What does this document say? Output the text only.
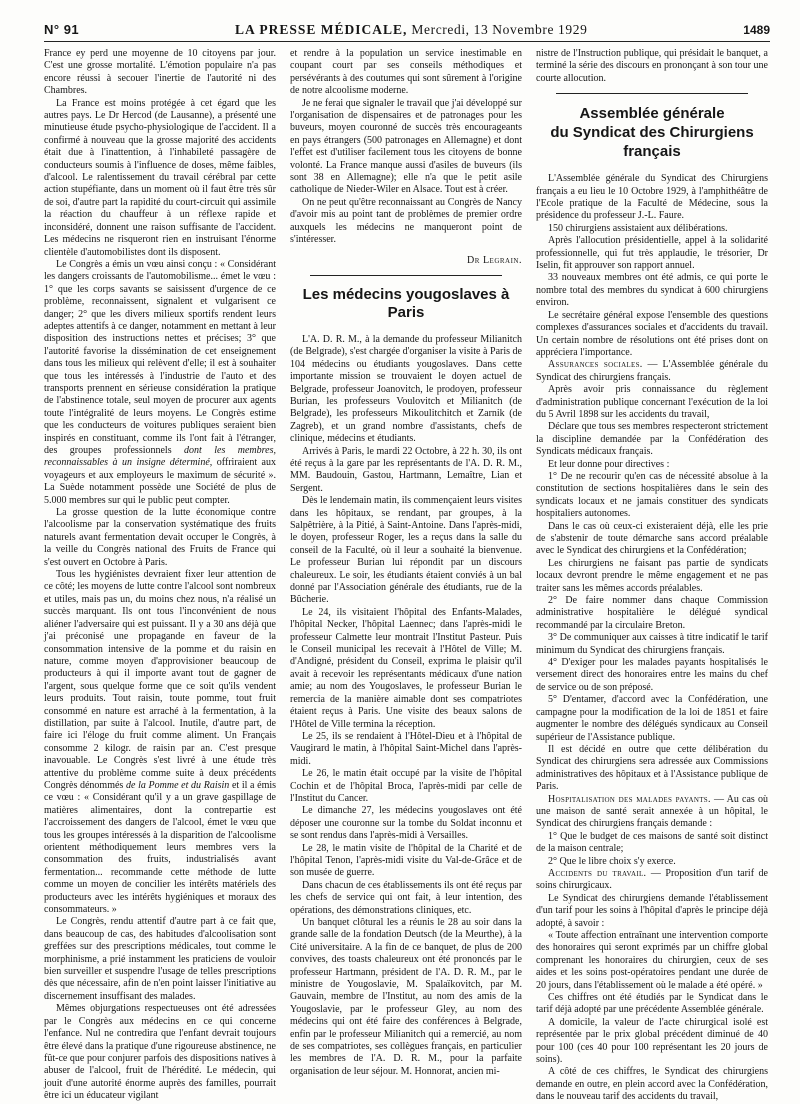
N° 91	LA PRESSE MÉDICALE, Mercredi, 13 Novembre 1929	1489

France ey perd une moyenne de 10 citoyens par jour. C'est une grosse mortalité. L'émotion populaire n'a pas encore réussi à secouer l'inertie de l'autorité ni des Chambres.

La France est moins protégée à cet égard que les autres pays. Le Dr Hercod (de Lausanne), a présenté une minutieuse étude psycho-physiologique de l'accident. Il a confirmé à nouveau que la grosse majorité des accidents était due à l'inattention, à l'inhabileté passagère de conducteurs soumis à l'influence de doses, même faibles, d'alcool. Le ralentissement du travail cérébral par cette action stupéfiante, dans un moment où il faut être très sûr de soi, d'autre part la rapidité du court-circuit qui assimile la réaction du chauffeur à un réflexe rapide et inconsidéré, donnent une raison suffisante de l'accident. Les médecins ne risqueront rien en instruisant l'énorme clientèle d'automobilistes dont ils disposent.

Le Congrès a émis un vœu ainsi conçu : « Considérant les dangers croissants de l'automobilisme... émet le vœu : 1° que les corps savants se saisissent d'urgence de ce problème, reconnaissent, signalent et vulgarisent ce danger; 2° que les divers milieux sportifs rendent leurs adeptes attentifs à ce danger, notamment en mettant à leur disposition des instructions nettes et précises; 3° que l'autorité favorise la dissémination de cet enseignement dans tous les milieux qui relèvent d'elle; il est à souhaiter que tous les intéressés à l'industrie de l'auto et des transports prennent en sérieuse considération la pratique de l'abstinence totale, seul moyen de procurer aux agents toute l'intégralité de leurs moyens. Le Congrès estime que les conducteurs de voitures publiques seraient bien inspirés en constituant, comme ils l'ont fait à l'étranger, des groupes professionnels dont les membres, reconnaissables à un insigne déterminé, offriraient aux voyageurs et aux employeurs le maximum de sécurité ». La Suède notamment possède une Société de plus de 5.000 membres sur qui le public peut compter.

La grosse question de la lutte économique contre l'alcoolisme par la conservation systématique des fruits naturels avant fermentation devait occuper le Congrès, à la veille du Congrès national des Fruits de France qui s'est ouvert en Octobre à Paris.

Tous les hygiénistes devraient fixer leur attention de ce côté; les moyens de lutte contre l'alcool sont nombreux et utiles, mais pas un, du moins chez nous, n'a réalisé un succès marquant. Ils ont tous l'inconvénient de nous aliéner l'adversaire qui est puissant. Il y a 30 ans déjà que j'ai préconisé une propagande en faveur de la consommation intensive de la pomme et du raisin en nature, comme moyen d'approvisioner beaucoup de producteurs à qui il importe avant tout de gagner de l'argent, sous quelque forme que ce soit qu'ils vendent leurs produits. Tout raisin, toute pomme, tout fruit consommé en nature est arraché à la fermentation, à la distillation, par suite à l'alcool. Inutile, d'autre part, de faire ici l'éloge du fruit comme aliment. Un Français consomme 2 kilogr. de raisin par an. C'est presque inavouable. Le Congrès s'est livré à une étude très attentive du problème comme suite à deux précédents Congrès dénommés de la Pomme et du Raisin et il a émis ce vœu : « Considérant qu'il y a un grave gaspillage de matières alimentaires, dont la contrepartie est l'accroissement des dangers de l'alcool, émet le vœu que tous les groupes intéressés à la disparition de l'alcoolisme orientent méthodiquement leurs membres vers la consommation des fruits, industrialisés avant fermentation... recommande cette méthode de lutte comme un moyen de concilier les intérêts matériels des producteurs avec les intérêts hygiéniques et moraux des consommateurs. »

Le Congrès, rendu attentif d'autre part à ce fait que, dans beaucoup de cas, des habitudes d'alcoolisation sont greffées sur des prescriptions médicales, tout comme le morphinisme, a prié instamment les praticiens de vouloir bien surveiller et suspendre l'usage de telles prescriptions dès que nécessaire, afin de n'en point laisser l'initiative au discernement insuffisant des malades.

Mêmes objurgations respectueuses ont été adressées par le Congrès aux médecins en ce qui concerne l'enfance. Nul ne contredira que l'enfant devrait toujours être élevé dans la pratique d'une rigoureuse abstinence, ne fût-ce que pour conjurer parfois des dispositions natives à abuser de l'alcool, fruit de l'hérédité. Le médecin, qui jouit d'une autorité énorme auprès des familles, pourrait être ici un éducateur vigilant

et rendre à la population un service inestimable en coupant court par ses conseils méthodiques et persévérants à des coutumes qui sont sûrement à l'origine de notre alcoolisme moderne.

Je ne ferai que signaler le travail que j'ai développé sur l'organisation de dispensaires et de patronages pour les buveurs, moyen couronné de succès très encourageants en pays étrangers (500 patronages en Allemagne) et dont l'effet est d'utiliser facilement tous les citoyens de bonne volonté. La France manque aussi d'asiles de buveurs (ils sont 38 en Allemagne); elle n'a que le petit asile catholique de Nieder-Wiler en Alsace. Tout est à créer.

On ne peut qu'être reconnaissant au Congrès de Nancy d'avoir mis au point tant de problèmes de premier ordre auxquels les médecins ne manqueront point de s'intéresser.

Dr Legrain.

Les médecins yougoslaves à Paris

L'A. D. R. M., à la demande du professeur Milianitch (de Belgrade), s'est chargée d'organiser la visite à Paris de 104 médecins ou étudiants yougoslaves. Dans cette importante mission se trouvaient le doyen actuel de Belgrade, professeur Joanovitch, le prodoyen, professeur Burian, les professeurs Voulovitch et Milianitch (de Belgrade), les professeurs Mikoulitchitch et Zarnik (de Zagreb), et un grand nombre d'assistants, chefs de clinique, médecins et étudiants.

Arrivés à Paris, le mardi 22 Octobre, à 22 h. 30, ils ont été reçus à la gare par les représentants de l'A. D. R. M., MM. Baudouin, Gastou, Hartmann, Lemaître, Lian et Sergent.

Dès le lendemain matin, ils commençaient leurs visites dans les hôpitaux, se rendant, par groupes, à la Salpêtrière, à la Pitié, à Saint-Antoine. Dans l'après-midi, le doyen, professeur Roger, les a reçus dans la salle du conseil de la Faculté, où il leur a souhaité la bienvenue. Le professeur Burian lui répondit par un discours chaleureux. Le soir, les étudiants étaient conviés à un bal donné par l'Association générale des étudiants, rue de la Bûcherie.

Le 24, ils visitaient l'hôpital des Enfants-Malades, l'hôpital Necker, l'hôpital Laennec; dans l'après-midi le professeur Calmette leur montrait l'Institut Pasteur. Puis le Conseil municipal les recevait à l'Hôtel de Ville; M. d'Andigné, président du Conseil, exprima le plaisir qu'il avait à recevoir les représentants médicaux d'une nation amie; au nom des Yougoslaves, le professeur Burian le remercia de la manière aimable dont ses compatriotes étaient reçus à Paris. Une visite des beaux salons de l'Hôtel de Ville termina la réception.

Le 25, ils se rendaient à l'Hôtel-Dieu et à l'hôpital de Vaugirard le matin, à l'hôpital Saint-Michel dans l'après-midi.

Le 26, le matin était occupé par la visite de l'hôpital Cochin et de l'hôpital Broca, l'après-midi par celle de l'Institut du Cancer.

Le dimanche 27, les médecins yougoslaves ont été déposer une couronne sur la tombe du Soldat inconnu et se sont rendus dans l'après-midi à Versailles.

Le 28, le matin visite de l'hôpital de la Charité et de l'hôpital Tenon, l'après-midi visite du Val-de-Grâce et de son musée de guerre.

Dans chacun de ces établissements ils ont été reçus par les chefs de service qui ont fait, à leur intention, des opérations, des démonstrations cliniques, etc.

Un banquet clôtural les a réunis le 28 au soir dans la grande salle de la fondation Deutsch (de la Meurthe), à la Cité universitaire. A la fin de ce banquet, de plus de 200 convives, des toasts chaleureux ont été prononcés par le professeur Hartmann, président de l'A. D. R. M., par le ministre de Yougoslavie, M. Spalaïkovitch, par M. Gauvain, membre de l'Institut, au nom des amis de la Yougoslavie, par le professeur Gley, au nom des médecins qui ont été faire des conférences à Belgrade, enfin par le professeur Milianitch qui a remercié, au nom de ses compatriotes, ses collègues français, en particulier les membres de l'A. D. R. M., pour la parfaite organisation de leur séjour. M. Honnorat, ancien mi-

nistre de l'Instruction publique, qui présidait le banquet, a terminé la série des discours en prononçant à son tour une courte allocution.

Assemblée générale
du Syndicat des Chirurgiens français

L'Assemblée générale du Syndicat des Chirurgiens français a eu lieu le 10 Octobre 1929, à l'amphithéâtre de l'Ecole pratique de la Faculté de Médecine, sous la présidence du professeur J.-L. Faure.

150 chirurgiens assistaient aux délibérations.

Après l'allocution présidentielle, appel à la solidarité professionnelle, qui fut très applaudie, le trésorier, Dr Iselin, fit approuver son rapport annuel.

33 nouveaux membres ont été admis, ce qui porte le nombre total des membres du syndicat à 600 chirurgiens environ.

Le secrétaire général expose l'ensemble des questions complexes d'assurances sociales et d'accidents du travail. Un certain nombre de résolutions ont été prises dont on appréciera l'importance.

Assurances sociales. — L'Assemblée générale du Syndicat des chirurgiens français.

Après avoir pris connaissance du règlement d'administration publique concernant l'exécution de la loi du 5 Avril 1898 sur les accidents du travail,

Déclare que tous ses membres respecteront strictement la discipline demandée par la Confédération des Syndicats médicaux français.

Et leur donne pour directives :

1° De ne recourir qu'en cas de nécessité absolue à la constitution de sections hospitalières dans le sein des syndicats locaux et ne jamais constituer des syndicats hospitaliers autonomes.

Dans le cas où ceux-ci existeraient déjà, elle les prie de s'abstenir de toute démarche sans accord préalable avec le Syndicat des chirurgiens et la Confédération;

Les chirurgiens ne faisant pas partie de syndicats locaux devront prendre le même engagement et ne pas traiter sans les mêmes accords préalables.

2° De faire nommer dans chaque Commission administrative hospitalière le délégué syndical recommandé par la circulaire Breton.

3° De communiquer aux caisses à titre indicatif le tarif minimum du Syndicat des chirurgiens français.

4° D'exiger pour les malades payants hospitalisés le versement direct des honoraires entre les mains du chef de service ou de son préposé.

5° D'entamer, d'accord avec la Confédération, une campagne pour la modification de la loi de 1851 et faire augmenter le nombre des délégués syndicaux au Conseil supérieur de l'Assistance publique.

Il est décidé en outre que cette délibération du Syndicat des chirurgiens sera adressée aux Commissions administratives des hôpitaux et à l'Assistance publique de Paris.

Hospitalisation des malades payants. — Au cas où une maison de santé serait annexée à un hôpital, le Syndicat des chirurgiens français demande :

1° Que le budget de ces maisons de santé soit distinct de la maison centrale;

2° Que le libre choix s'y exerce.

Accidents du travail. — Proposition d'un tarif de soins chirurgicaux.

Le Syndicat des chirurgiens demande l'établissement d'un tarif pour les soins à l'hôpital d'après le principe déjà adopté, à savoir :

« Toute affection entraînant une intervention comporte des honoraires qui seront exprimés par un chiffre global comprenant les honoraires du chirurgien, ceux de ses aides et les soins post-opératoires pendant une durée de 20 jours, dans l'établissement où le malade a été opéré. »

Ces chiffres ont été étudiés par le Syndicat dans le tarif déjà adopté par une précédente Assemblée générale.

A domicile, la valeur de l'acte chirurgical isolé est représentée par le prix global précédent diminué de 40 pour 100 (ces 40 pour 100 représentant les 20 jours de soins).

A côté de ces chiffres, le Syndicat des chirurgiens demande en outre, en plein accord avec la Confédération, dans le nouveau tarif des accidents du travail,
